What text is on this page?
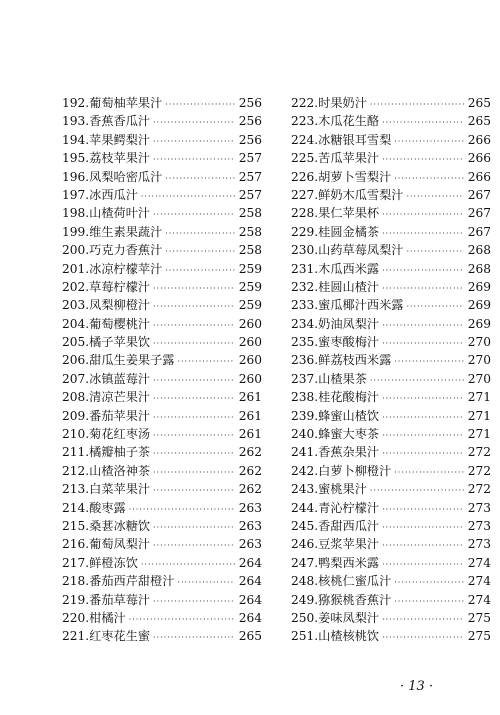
192. 葡萄柚苹果汁 ·····	256
193. 香蕉香瓜汁 ·····	256
194. 苹果鳄梨汁 ·····	256
195. 荔枝苹果汁 ·····	257
196. 凤梨哈密瓜汁 ·····	257
197. 冰西瓜汁 ·····	257
198. 山楂荷叶汁 ·····	258
199. 维生素果蔬汁 ·····	258
200. 巧克力香蕉汁 ·····	258
201. 冰凉柠檬苹汁 ·····	259
202. 草莓柠檬汁 ·····	259
203. 凤梨柳橙汁 ·····	259
204. 葡萄樱桃汁 ·····	260
205. 橘子苹果饮 ·····	260
206. 甜瓜生姜果子露 ·····	260
207. 冰镇蓝莓汁 ·····	260
208. 清凉芒果汁 ·····	261
209. 番茄苹果汁 ·····	261
210. 菊花红枣汤 ·····	261
211. 橘瓣柚子茶 ·····	262
212. 山楂洛神茶 ·····	262
213. 白菜苹果汁 ·····	262
214. 酸枣露 ·····	263
215. 桑葚冰糖饮 ·····	263
216. 葡萄凤梨汁 ·····	263
217. 鲜橙冻饮 ·····	264
218. 番茄西芹甜橙汁 ·····	264
219. 番茄草莓汁 ·····	264
220. 柑橘汁 ·····	264
221. 红枣花生蜜 ·····	265
222. 时果奶汁 ·····	265
223. 木瓜花生酪 ·····	265
224. 冰糖银耳雪梨 ·····	266
225. 苦瓜苹果汁 ·····	266
226. 胡萝卜雪梨汁 ·····	266
227. 鲜奶木瓜雪梨汁 ·····	267
228. 果仁苹果杯 ·····	267
229. 桂圆金橘茶 ·····	267
230. 山药草莓凤梨汁 ·····	268
231. 木瓜西米露 ·····	268
232. 桂圆山楂汁 ·····	269
233. 蜜瓜椰汁西米露 ·····	269
234. 奶油凤梨汁 ·····	269
235. 蜜枣酸梅汁 ·····	270
236. 鲜荔枝西米露 ·····	270
237. 山楂果茶 ·····	270
238. 桂花酸梅汁 ·····	271
239. 蜂蜜山楂饮 ·····	271
240. 蜂蜜大枣茶 ·····	271
241. 香蕉杂果汁 ·····	272
242. 白萝卜柳橙汁 ·····	272
243. 蜜桃果汁 ·····	272
244. 青沁柠檬汁 ·····	273
245. 香甜西瓜汁 ·····	273
246. 豆浆苹果汁 ·····	273
247. 鸭梨西米露 ·····	274
248. 核桃仁蜜瓜汁 ·····	274
249. 猕猴桃香蕉汁 ·····	274
250. 姜味凤梨汁 ·····	275
251. 山楂核桃饮 ·····	275
· 13 ·
